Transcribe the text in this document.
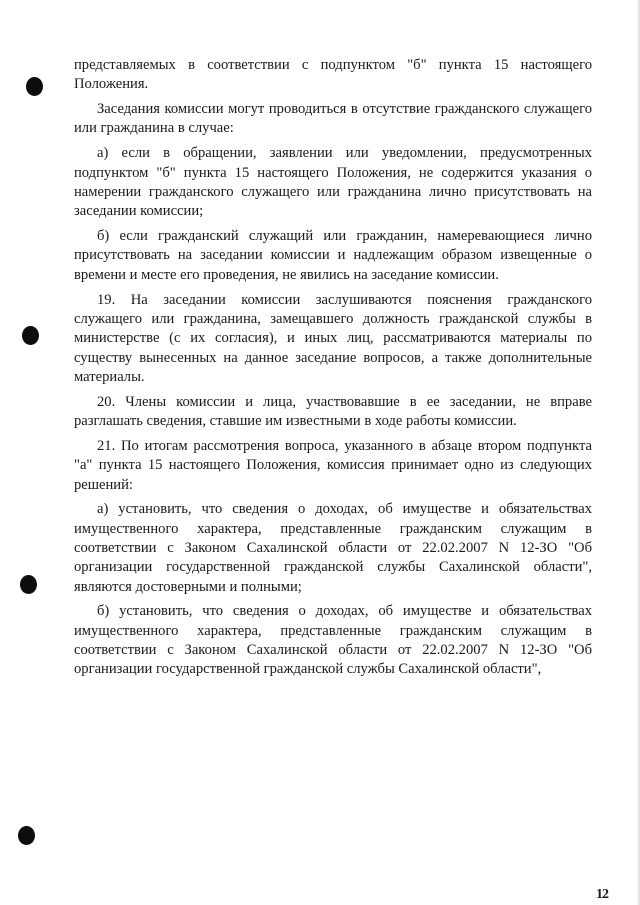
представляемых в соответствии с подпунктом "б" пункта 15 настоящего Положения.

Заседания комиссии могут проводиться в отсутствие гражданского служащего или гражданина в случае:

а) если в обращении, заявлении или уведомлении, предусмотренных подпунктом "б" пункта 15 настоящего Положения, не содержится указания о намерении гражданского служащего или гражданина лично присутствовать на заседании комиссии;

б) если гражданский служащий или гражданин, намеревающиеся лично присутствовать на заседании комиссии и надлежащим образом извещенные о времени и месте его проведения, не явились на заседание комиссии.

19. На заседании комиссии заслушиваются пояснения гражданского служащего или гражданина, замещавшего должность гражданской службы в министерстве (с их согласия), и иных лиц, рассматриваются материалы по существу вынесенных на данное заседание вопросов, а также дополнительные материалы.

20. Члены комиссии и лица, участвовавшие в ее заседании, не вправе разглашать сведения, ставшие им известными в ходе работы комиссии.

21. По итогам рассмотрения вопроса, указанного в абзаце втором подпункта "а" пункта 15 настоящего Положения, комиссия принимает одно из следующих решений:

а) установить, что сведения о доходах, об имуществе и обязательствах имущественного характера, представленные гражданским служащим в соответствии с Законом Сахалинской области от 22.02.2007 N 12-ЗО "Об организации государственной гражданской службы Сахалинской области", являются достоверными и полными;

б) установить, что сведения о доходах, об имуществе и обязательствах имущественного характера, представленные гражданским служащим в соответствии с Законом Сахалинской области от 22.02.2007 N 12-ЗО "Об организации государственной гражданской службы Сахалинской области",

12
